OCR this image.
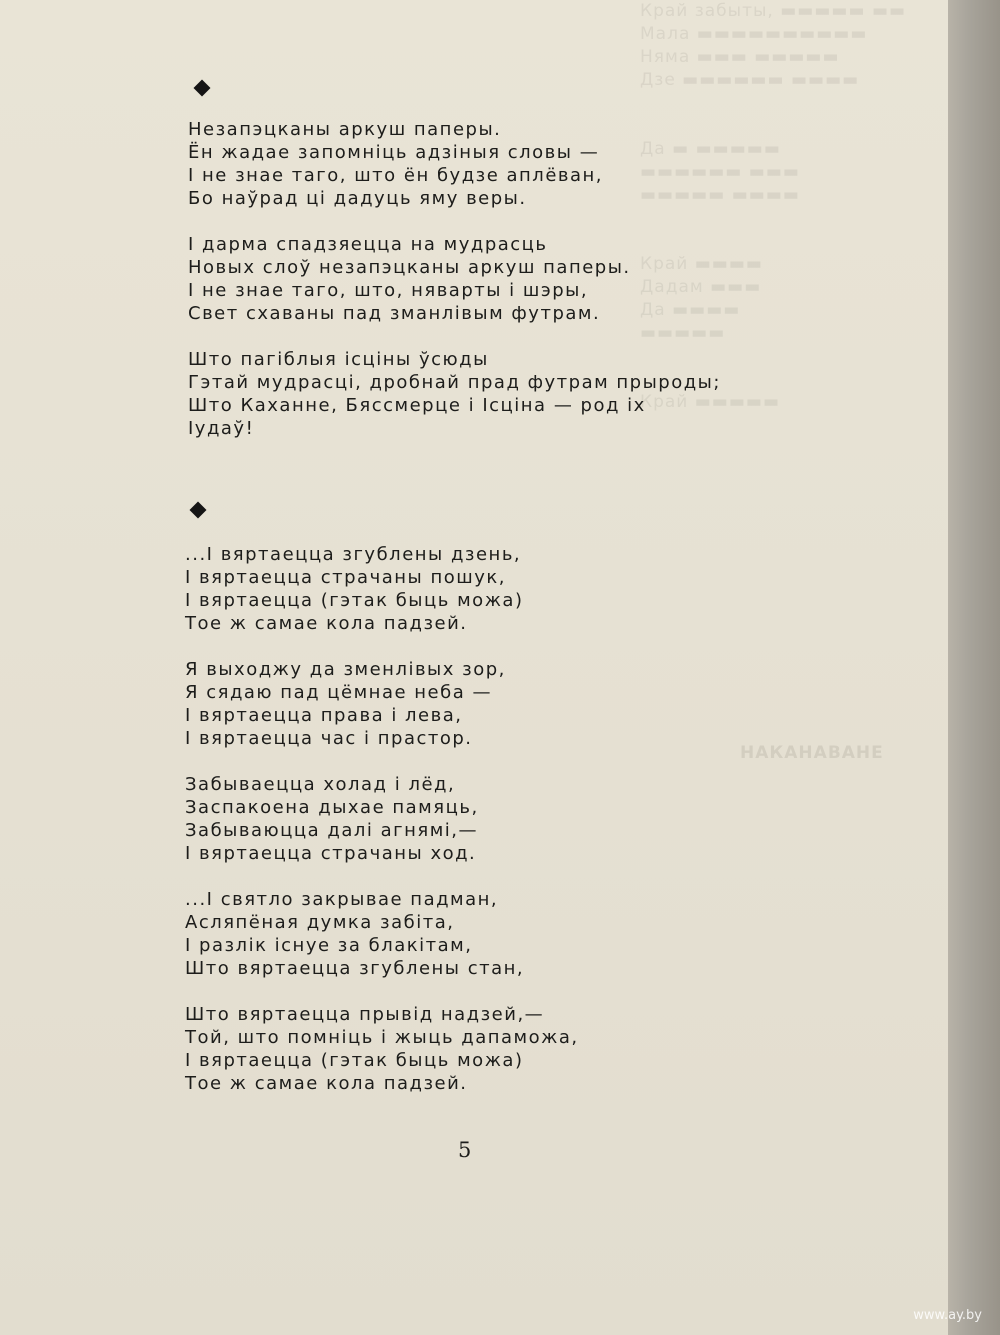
Край забыты, ▬▬▬▬▬ ▬▬
Мала ▬▬▬▬▬▬▬▬▬▬
Няма ▬▬▬ ▬▬▬▬▬
Дзе ▬▬▬▬▬▬ ▬▬▬▬

Да ▬ ▬▬▬▬▬
▬▬▬▬▬▬ ▬▬▬
▬▬▬▬▬ ▬▬▬▬

Край ▬▬▬▬
Дадам ▬▬▬
Да ▬▬▬▬
▬▬▬▬▬

Край ▬▬▬▬▬
НАКАНАВАНЕ
Незапэцканы аркуш паперы.
Ён жадае запомніць адзіныя словы —
І не знае таго, што ён будзе аплёван,
Бо наўрад ці дадуць яму веры.
І дарма спадзяецца на мудрасць
Новых слоў незапэцканы аркуш паперы.
І не знае таго, што, няварты і шэры,
Свет схаваны пад зманлівым футрам.
Што пагіблыя ісціны ўсюды
Гэтай мудрасці, дробнай прад футрам прыроды;
Што Каханне, Бяссмерце і Ісціна — род іх
Іудаў!
...І вяртаецца згублены дзень,
І вяртаецца страчаны пошук,
І вяртаецца (гэтак быць можа)
Тое ж самае кола падзей.
Я выходжу да зменлівых зор,
Я сядаю пад цёмнае неба —
І вяртаецца права і лева,
І вяртаецца час і прастор.
Забываецца холад і лёд,
Заспакоена дыхае памяць,
Забываюцца далі агнямі,—
І вяртаецца страчаны ход.
...І святло закрывае падман,
Асляпёная думка забіта,
І разлік існуе за блакітам,
Што вяртаецца згублены стан,
Што вяртаецца прывід надзей,—
Той, што помніць і жыць дапаможа,
І вяртаецца (гэтак быць можа)
Тое ж самае кола падзей.
5
www.ay.by
